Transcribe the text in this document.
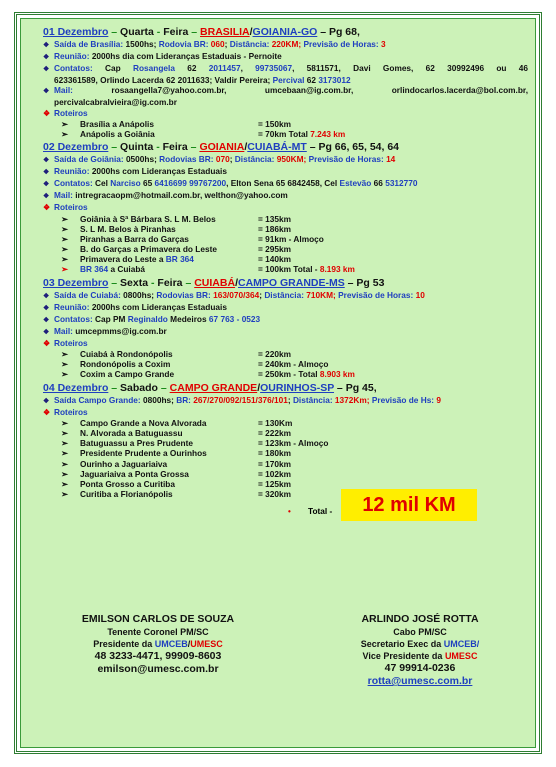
01 Dezembro – Quarta - Feira – BRASILIA/GOIANIA-GO – Pg 68,
❖ Saída de Brasília: 1500hs; Rodovia BR: 060; Distância: 220KM; Previsão de Horas: 3
❖ Reunião: 2000hs dia com Lideranças Estaduais - Pernoite
❖ Contatos: Cap Rosangela 62 2011457, 99735067, 5811571, Davi Gomes, 62 30992496 ou 46
623361589, Orlindo Lacerda 62 2011633; Valdir Pereira; Percival 62 3173012
❖ Mail: rosaangella7@yahoo.com.br, umcebaan@ig.com.br, orlindocarlos.lacerda@bol.com.br,
percivalcabralvieira@ig.com.br
❖ Roteiros
➢ Brasília a Anápolis	= 150km
➢ Anápolis a Goiânia	= 70km Total 7.243 km
02 Dezembro – Quinta - Feira – GOIANIA/CUIABÁ-MT – Pg 66, 65, 54, 64
❖ Saída de Goiânia: 0500hs; Rodovias BR: 070; Distância: 950KM; Previsão de Horas: 14
❖ Reunião: 2000hs com Lideranças Estaduais
❖ Contatos: Cel Narciso 65 6416699 99767200, Elton Sena 65 6842458, Cel Estevão 66 5312770
❖ Mail: intregracaopm@hotmail.com.br, welthon@yahoo.com
❖ Roteiros
➢ Goiânia à Sª Bárbara S. L M. Belos	= 135km
➢ S. L M. Belos à Piranhas	= 186km
➢ Piranhas a Barra do Garças	= 91km - Almoço
➢ B. do Garças a Primavera do Leste	= 295km
➢ Primavera do Leste a BR 364	= 140km
➢ BR 364 a Cuiabá	= 100km Total - 8.193 km
03 Dezembro – Sexta - Feira – CUIABÁ/CAMPO GRANDE-MS – Pg 53
❖ Saída de Cuiabá: 0800hs; Rodovias BR: 163/070/364; Distância: 710KM; Previsão de Horas: 10
❖ Reunião: 2000hs com Lideranças Estaduais
❖ Contatos: Cap PM Reginaldo Medeiros 67 763 - 0523
❖ Mail: umcepmms@ig.com.br
❖ Roteiros
➢ Cuiabá à Rondonópolis	= 220km
➢ Rondonópolis a Coxim	= 240km - Almoço
➢ Coxim a Campo Grande	= 250km - Total 8.903 km
04 Dezembro – Sabado – CAMPO GRANDE/OURINHOS-SP – Pg 45,
❖ Saída Campo Grande: 0800hs; BR: 267/270/092/151/376/101; Distância: 1372Km; Previsão de Hs: 9
❖ Roteiros
➢ Campo Grande a Nova Alvorada	= 130Km
➢ N. Alvorada a Batuguassu	= 222km
➢ Batuguassu a Pres Prudente	= 123km - Almoço
➢ Presidente Prudente a Ourinhos	= 180km
➢ Ourinho a Jaguariaiva	= 170km
➢ Jaguariaiva a Ponta Grossa	= 102km
➢ Ponta Grosso a Curitiba	= 125km
➢ Curitiba a Florianópolis	= 320km
• Total -	12 mil KM
EMILSON CARLOS DE SOUZA
Tenente Coronel PM/SC
Presidente da UMCEB/UMESC
48 3233-4471, 99909-8603
emilson@umesc.com.br
ARLINDO JOSÉ ROTTA
Cabo PM/SC
Secretario Exec da UMCEB/
Vice Presidente da UMESC
47 99914-0236
rotta@umesc.com.br
